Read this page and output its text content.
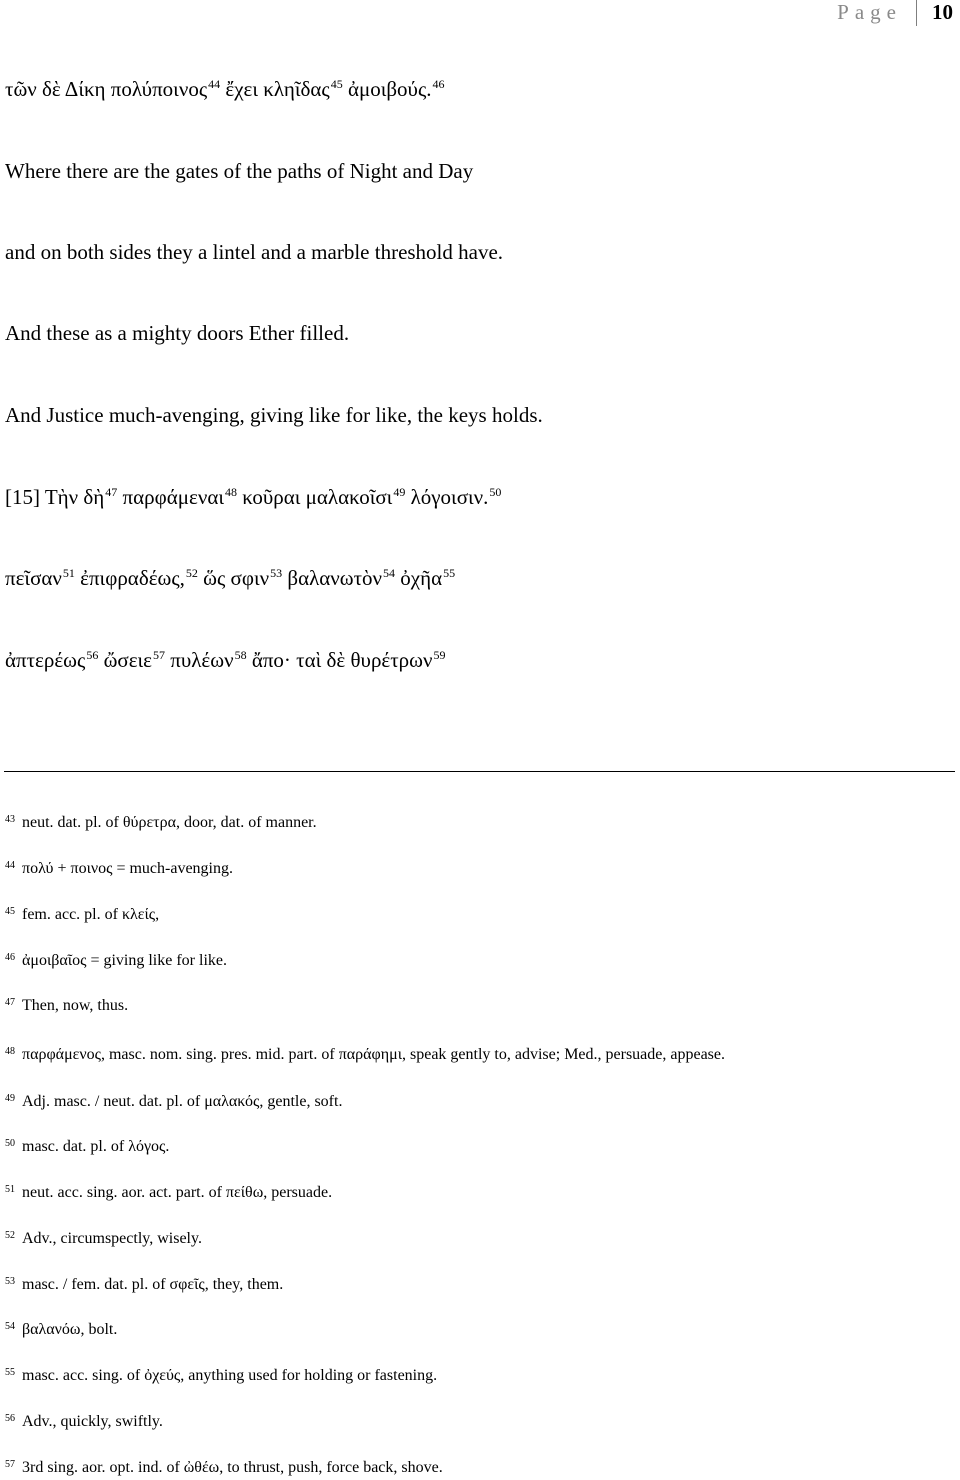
Page 10
τῶν δὲ Δίκη πολύποινος$^{44}$ ἔχει κληῖδας$^{45}$ ἀμοιβούς.$^{46}$
Where there are the gates of the paths of Night and Day
and on both sides they a lintel and a marble threshold have.
And these as a mighty doors Ether filled.
And Justice much-avenging, giving like for like, the keys holds.
[15] Τὴν δὴ$^{47}$ παρφάμεναι$^{48}$ κοῦραι μαλακοῖσι$^{49}$ λόγοισιν.$^{50}$
πεῖσαν$^{51}$ ἐπιφραδέως,$^{52}$ ὥς σφιν$^{53}$ βαλανωτὸν$^{54}$ ὀχῆα$^{55}$
ἀπτερέως$^{56}$ ὤσειε$^{57}$ πυλέων$^{58}$ ἄπο· ταὶ δὲ θυρέτρων$^{59}$
$^{43}$ neut. dat. pl. of θύρετρα, door, dat. of manner.
$^{44}$ πολύ + ποινος = much-avenging.
$^{45}$ fem. acc. pl. of κλείς,
$^{46}$ ἀμοιβαῖος = giving like for like.
$^{47}$ Then, now, thus.
$^{48}$ παρφάμενος, masc. nom. sing. pres. mid. part. of παράφημι, speak gently to, advise; Med., persuade, appease.
$^{49}$ Adj. masc. / neut. dat. pl. of μαλακός, gentle, soft.
$^{50}$ masc. dat. pl. of λόγος.
$^{51}$ neut. acc. sing. aor. act. part. of πείθω, persuade.
$^{52}$ Adv., circumspectly, wisely.
$^{53}$ masc. / fem. dat. pl. of σφεῖς, they, them.
$^{54}$ βαλανόω, bolt.
$^{55}$ masc. acc. sing. of ὀχεύς, anything used for holding or fastening.
$^{56}$ Adv., quickly, swiftly.
$^{57}$ 3rd sing. aor. opt. ind. of ὠθέω, to thrust, push, force back, shove.
